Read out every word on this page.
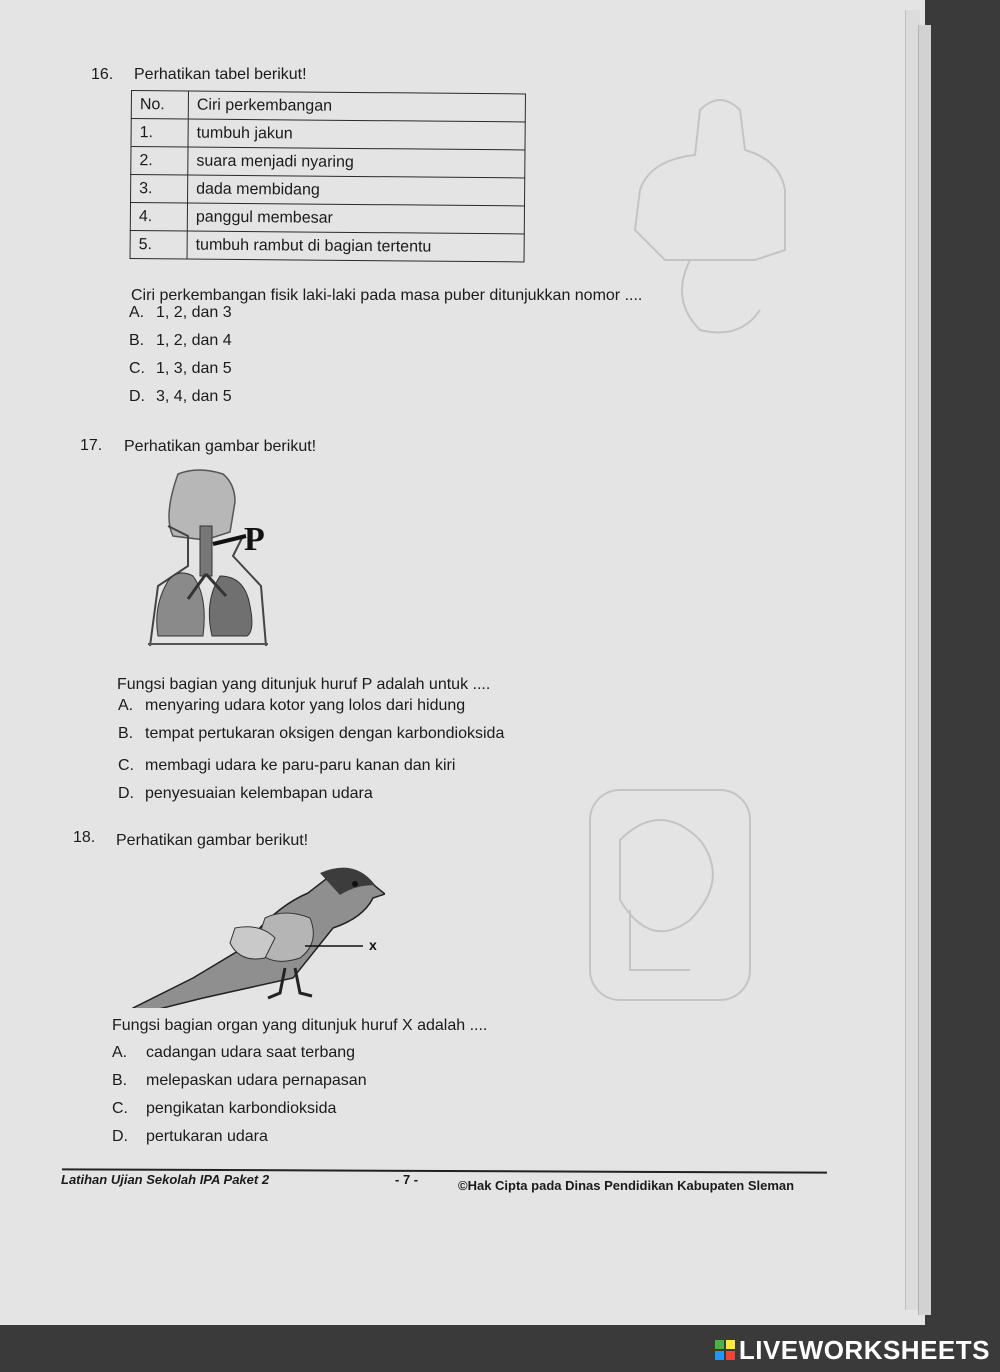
16. Perhatikan tabel berikut!
No.	Ciri perkembangan
1.	tumbuh jakun
2.	suara menjadi nyaring
3.	dada membidang
4.	panggul membesar
5.	tumbuh rambut di bagian tertentu
Ciri perkembangan fisik laki-laki pada masa puber ditunjukkan nomor ....
A. 1, 2, dan 3
B. 1, 2, dan 4
C. 1, 3, dan 5
D. 3, 4, dan 5
17. Perhatikan gambar berikut!
P
Fungsi bagian yang ditunjuk huruf P adalah untuk ....
A. menyaring udara kotor yang lolos dari hidung
B. tempat pertukaran oksigen dengan karbondioksida
C. membagi udara ke paru-paru kanan dan kiri
D. penyesuaian kelembapan udara
18. Perhatikan gambar berikut!
x
Fungsi bagian organ yang ditunjuk huruf X adalah ....
A. cadangan udara saat terbang
B. melepaskan udara pernapasan
C. pengikatan karbondioksida
D. pertukaran udara
Latihan Ujian Sekolah IPA Paket 2	- 7 -	©Hak Cipta pada Dinas Pendidikan Kabupaten Sleman
LIVEWORKSHEETS
